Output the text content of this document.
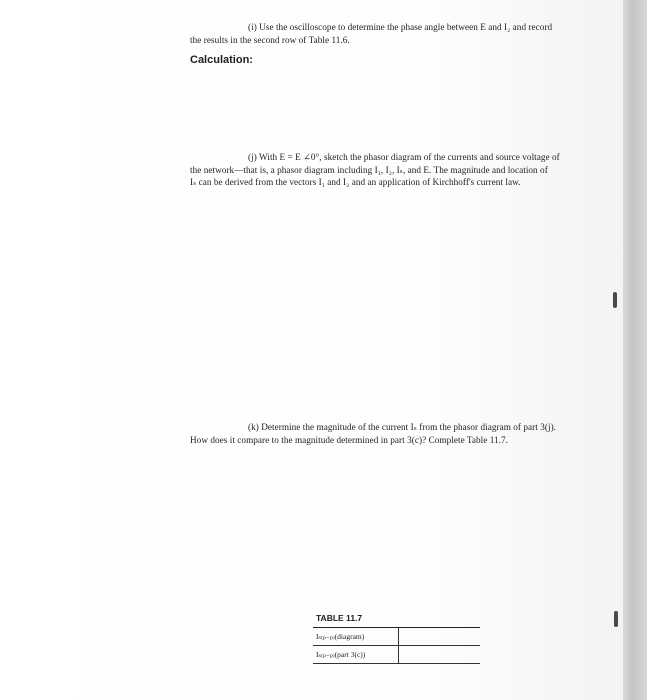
(i) Use the oscilloscope to determine the phase angle between E and I₂ and record
the results in the second row of Table 11.6.

Calculation:

(j) With E = E ∠0°, sketch the phasor diagram of the currents and source voltage of
the network—that is, a phasor diagram including I₁, I₂, Iₛ, and E. The magnitude and location of
Iₛ can be derived from the vectors I₁ and I₂ and an application of Kirchhoff's current law.

(k) Determine the magnitude of the current Iₛ from the phasor diagram of part 3(j).
How does it compare to the magnitude determined in part 3(c)? Complete Table 11.7.

TABLE 11.7
Iₛ₍ₚ₋ₚ₎(diagram)	
Iₛ₍ₚ₋ₚ₎(part 3(c))	
